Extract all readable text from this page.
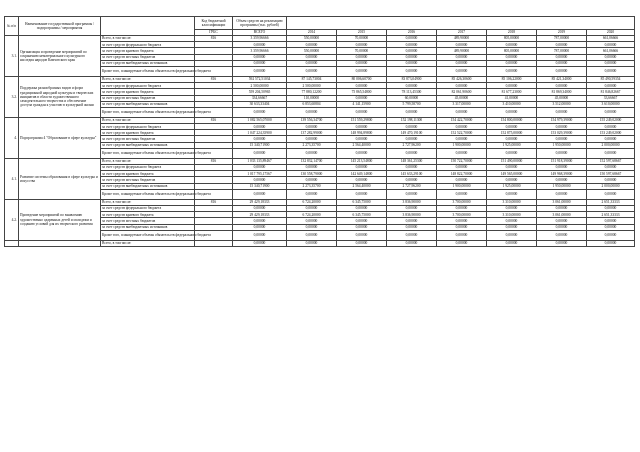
№ п/п	Наименование государственной программы / подпрограммы / мероприятия		Код бюджетной классификации	Объем средств на реализацию программы (тыс. рублей)							
			ГРБС	ВСЕГО	2014	2015	2016	2017	2018	2019	2020
3.1.	Организация и проведение мероприятий по сохранению нематериального культурного наследия народов Камчатского края	Всего, в том числе:	816	3 359,96666	550,00000	70,00000	0,00000	489,90000	805,00000	787,00000	661,06666
		за счет средств федерального бюджета		0,00000	0,00000	0,00000	0,00000	0,00000	0,00000	0,00000	0,00000
		за счет средств краевого бюджета		3 359,96666	550,00000	70,00000	0,00000	489,90000	805,00000	787,00000	661,06666
		за счет средств местных бюджетов		0,00000	0,00000	0,00000	0,00000	0,00000	0,00000	0,00000	0,00000
		за счет средств внебюджетных источников		0,00000	0,00000	0,00000	0,00000	0,00000	0,00000	0,00000	0,00000
		Кроме того, планируемые объемы обязательств федерального бюджета		0,00000	0,00000	0,00000	0,00000	0,00000	0,00000	0,00000	0,00000
3.2.	Поддержка разнообразных видов и форм традиционной народной культуры и творческих инициатив в области художественного самодеятельного творчества и обеспечение доступа граждан к участию в культурной жизни	Всего, в том числе:	816	592 572,51034	87 145,73004	80 006,60700	83 873,04900	85 426,30600	85 106,22000	85 421,34000	85 490,59354
		за счет средств федерального бюджета		2 500,00000	2 500,00000	0,00000	0,00000	0,00000	0,00000	0,00000	0,00000
		за счет средств краевого бюджета		559 204,50965	77 880,12200	75 865,54800	78 113,45300	82 061,90600	81 677,23000	81 869,34000	81 846,82667
		за счет средств местных бюджетов		334,66667	110,00000	0,00000	60,00000	45,00000	41,00000	45,00000	33,66667
		за счет средств внебюджетных источников		30 633,33404	6 853,60804	4 141,15900	5 799,58700	3 317,00000	3 410,00000	3 512,00000	3 610,00000
		Кроме того, планируемые объемы обязательств федерального бюджета		0,00000	0,00000	0,00000	0,00000	0,00000	0,00000	0,00000	0,00000
4.	Подпрограмма 4 "Образование в сфере культуры"	Всего, в том числе:	816	1 082 565,07000	139 556,34700	151 559,29800	152 198,11300	154 422,70000	154 800,00000	154 979,39000	155 249,02000
		за счет средств федерального бюджета		0,00000	0,00000	0,00000	0,00000	0,00000	0,00000	0,00000	0,00000
		за счет средств краевого бюджета		1 047 224,35900	137 282,99000	148 994,89800	149 470,19100	152 522,70000	152 875,00000	153 029,39000	153 249,02000
		за счет средств местных бюджетов		0,00000	0,00000	0,00000	0,00000	0,00000	0,00000	0,00000	0,00000
		за счет средств внебюджетных источников		15 340,71900	2 273,35700	2 564,40000	2 727,96200	1 900,00000	1 925,00000	1 950,00000	2 000,00000
		Кроме того, планируемые объемы обязательств федерального бюджета		0,00000	0,00000	0,00000	0,00000	0,00000	0,00000	0,00000	0,00000
4.1.	Развитие системы образования в сфере культуры и искусства	Всего, в том числе:	816	1 033 135,89467	132 832,14700	145 213,54800	148 361,25300	150 722,70000	151 490,00000	151 918,39000	152 597,68667
		за счет средств федерального бюджета		0,00000	0,00000	0,00000	0,00000	0,00000	0,00000	0,00000	0,00000
		за счет средств краевого бюджета		1 017 795,17567	130 558,79000	142 649,14800	145 633,29100	148 822,70000	149 565,00000	149 968,39000	150 597,68667
		за счет средств местных бюджетов		0,00000	0,00000	0,00000	0,00000	0,00000	0,00000	0,00000	0,00000
		за счет средств внебюджетных источников		15 340,71900	2 273,35700	2 564,40000	2 727,96200	1 900,00000	1 925,00000	1 950,00000	2 000,00000
		Кроме того, планируемые объемы обязательств федерального бюджета		0,00000	0,00000	0,00000	0,00000	0,00000	0,00000	0,00000	0,00000
4.2.	Проведение мероприятий по выявлению художественно одаренных детей и молодежи и созданию условий для их творческого развития	Всего, в том числе:	816	29 429,18333	6 724,20000	6 345,75000	3 836,90000	3 700,00000	3 310,00000	3 061,00000	2 651,33333
		за счет средств федерального бюджета		0,00000	0,00000	0,00000	0,00000	0,00000	0,00000	0,00000	0,00000
		за счет средств краевого бюджета		29 429,18333	6 724,20000	6 345,75000	3 836,90000	3 700,00000	3 310,00000	3 061,00000	2 651,33333
		за счет средств местных бюджетов		0,00000	0,00000	0,00000	0,00000	0,00000	0,00000	0,00000	0,00000
		за счет средств внебюджетных источников		0,00000	0,00000	0,00000	0,00000	0,00000	0,00000	0,00000	0,00000
		Кроме того, планируемые объемы обязательств федерального бюджета		0,00000	0,00000	0,00000	0,00000	0,00000	0,00000	0,00000	0,00000
		Всего, в том числе:		0,00000	0,00000	0,00000	0,00000	0,00000	0,00000	0,00000	0,00000
